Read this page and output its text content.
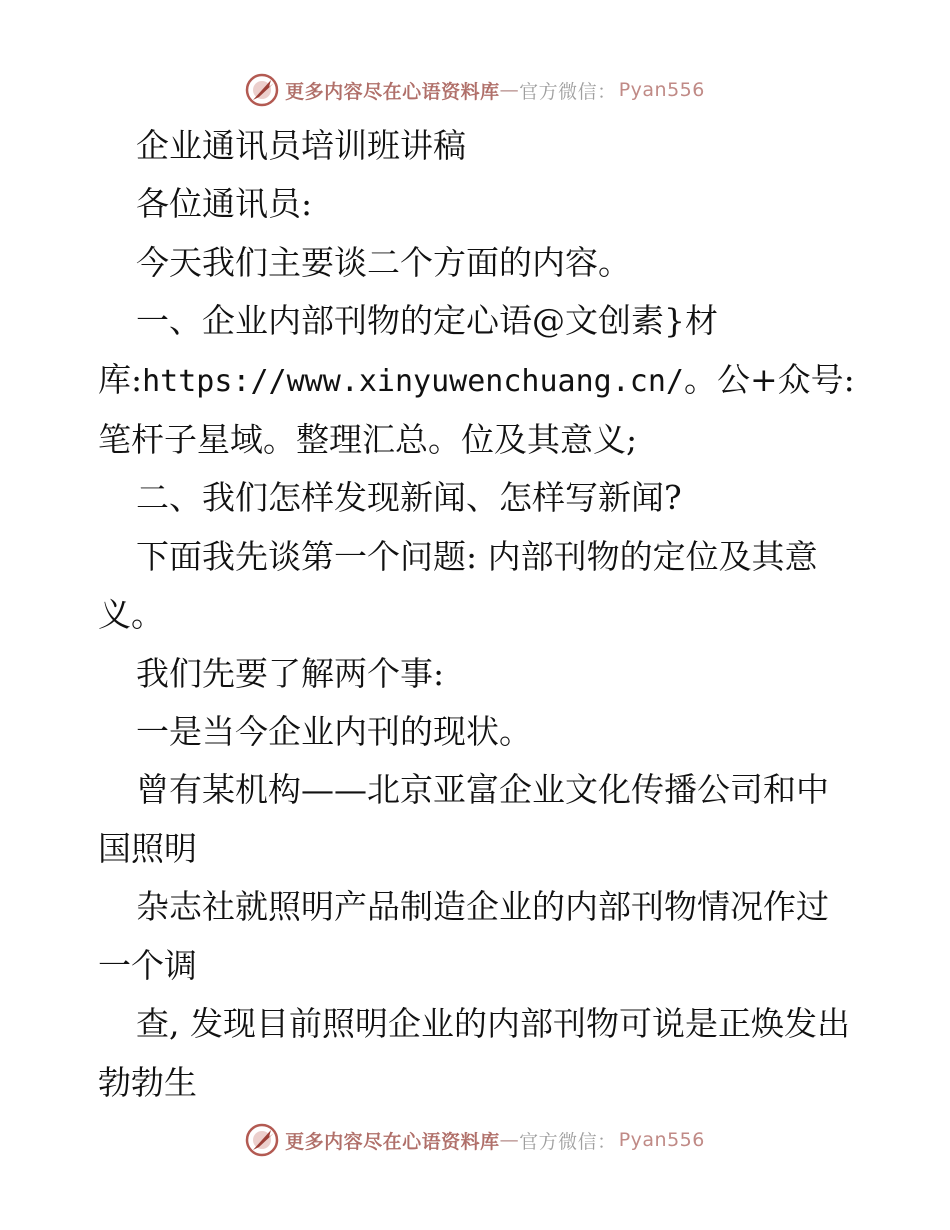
更多内容尽在心语资料库 — 官方微信： Pyan556

企业通讯员培训班讲稿

各位通讯员:

今天我们主要谈二个方面的内容。

一、企业内部刊物的定心语@文创素}材库:https://www.xinyuwenchuang.cn/。公+众号: 笔杆子星域。整理汇总。位及其意义;

二、我们怎样发现新闻、怎样写新闻?

下面我先谈第一个问题: 内部刊物的定位及其意义。

我们先要了解两个事:

一是当今企业内刊的现状。

曾有某机构——北京亚富企业文化传播公司和中国照明

杂志社就照明产品制造企业的内部刊物情况作过一个调

查, 发现目前照明企业的内部刊物可说是正焕发出勃勃生

更多内容尽在心语资料库 — 官方微信： Pyan556
